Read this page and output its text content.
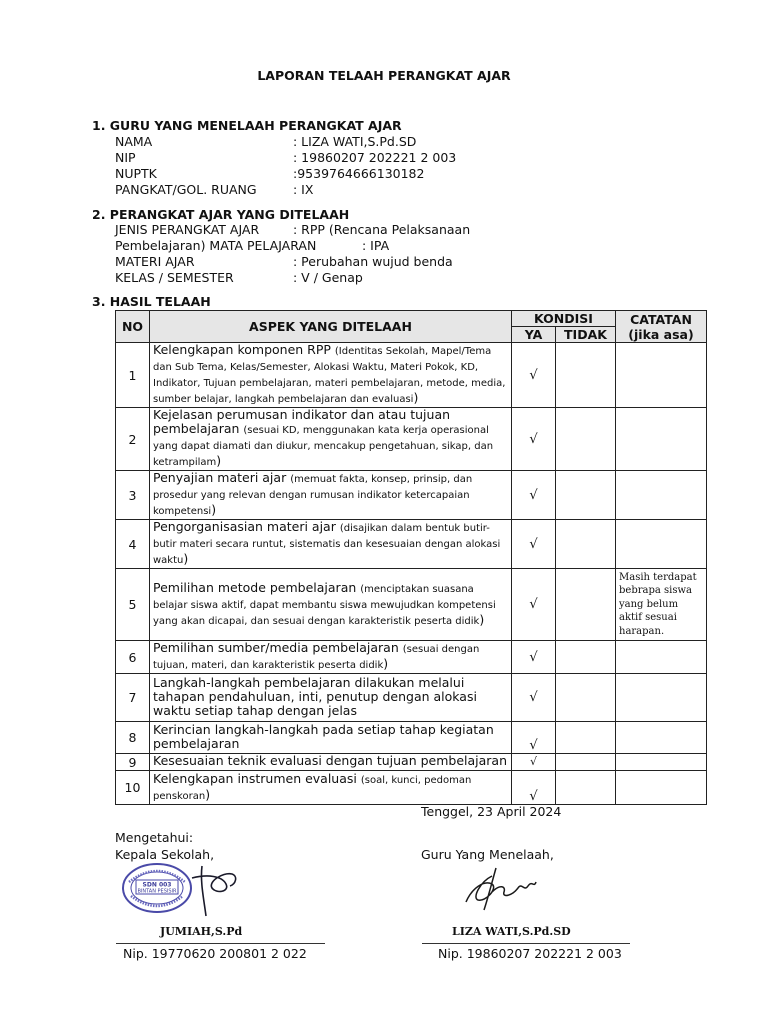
LAPORAN TELAAH PERANGKAT AJAR
1. GURU YANG MENELAAH PERANGKAT AJAR
NAMA	: LIZA WATI,S.Pd.SD
NIP	: 19860207 202221 2 003
NUPTK	:9539764666130182
PANGKAT/GOL. RUANG	: IX
2. PERANGKAT AJAR YANG DITELAAH
JENIS PERANGKAT AJAR	: RPP (Rencana Pelaksanaan
Pembelajaran) MATA PELAJARAN	: IPA
MATERI AJAR	: Perubahan wujud benda
KELAS / SEMESTER	: V / Genap
3. HASIL TELAAH
NO	ASPEK YANG DITELAAH	KONDISI		CATATAN (jika asa)
		YA	TIDAK	
1	Kelengkapan komponen RPP (Identitas Sekolah, Mapel/Tema dan Sub Tema, Kelas/Semester, Alokasi Waktu, Materi Pokok, KD, Indikator, Tujuan pembelajaran, materi pembelajaran, metode, media, sumber belajar, langkah pembelajaran dan evaluasi)	√		
2	Kejelasan perumusan indikator dan atau tujuan pembelajaran (sesuai KD, menggunakan kata kerja operasional yang dapat diamati dan diukur, mencakup pengetahuan, sikap, dan ketrampilam)	√		
3	Penyajian materi ajar (memuat fakta, konsep, prinsip, dan prosedur yang relevan dengan rumusan indikator ketercapaian kompetensi)	√		
4	Pengorganisasian materi ajar (disajikan dalam bentuk butir-butir materi secara runtut, sistematis dan kesesuaian dengan alokasi waktu)	√		
5	Pemilihan metode pembelajaran (menciptakan suasana belajar siswa aktif, dapat membantu siswa mewujudkan kompetensi yang akan dicapai, dan sesuai dengan karakteristik peserta didik)	√		Masih terdapat bebrapa siswa yang belum aktif sesuai harapan.
6	Pemilihan sumber/media pembelajaran (sesuai dengan tujuan, materi, dan karakteristik peserta didik)	√		
7	Langkah-langkah pembelajaran dilakukan melalui tahapan pendahuluan, inti, penutup dengan alokasi waktu setiap tahap dengan jelas	√		
8	Kerincian langkah-langkah pada setiap tahap kegiatan pembelajaran	√		
9	Kesesuaian teknik evaluasi dengan tujuan pembelajaran	√		
10	Kelengkapan instrumen evaluasi (soal, kunci, pedoman penskoran)	√		
Tenggel, 23 April 2024
Mengetahui:
Kepala Sekolah,	Guru Yang Menelaah,
SDN 003
BINTAN PESISIR
JUMIAH,S.Pd	LIZA WATI,S.Pd.SD
Nip. 19770620 200801 2 022	Nip. 19860207 202221 2 003
